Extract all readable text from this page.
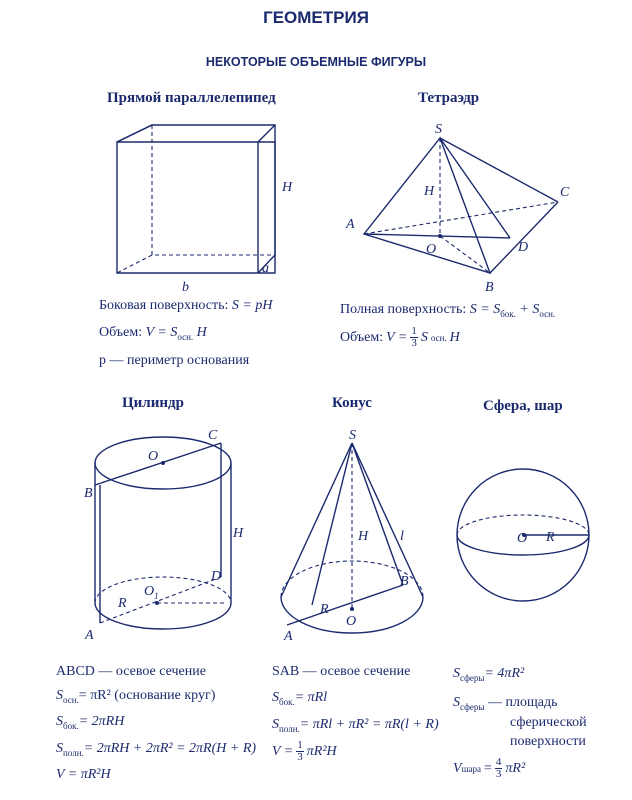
ГЕОМЕТРИЯ
НЕКОТОРЫЕ ОБЪЕМНЫЕ ФИГУРЫ
Прямой параллелепипед
H
a
b
Боковая поверхность: S = pH
Объем: $V = S_{осн.}$ H
p — периметр основания
Тетраэдр
S
A
B
C
D
O
H
Полная поверхность: $S = S_{бок.} + S_{осн.}$
Объем: $V = \frac{1}{3}$ S осн. H
Цилиндр
O
C
B
D
A
H
R
$O_1$
ABCD — осевое сечение
$S_{осн.}= \pi R^2$ (основание круг)
$S_{бок.}= 2\pi RH$
$S_{полн.}= 2\pi RH + 2\pi R^2 = 2\pi R(H + R)$
V = πR²H
Конус
S
H l
B
R
O
A
SAB — осевое сечение
$S_{бок.}= \pi Rl$
$S_{полн.}= \pi Rl + \pi R^2 = \pi R(l + R)$
$V = \frac{1}{3} \pi R^2H$
Сфера, шар
O R
$S_{сферы}= 4\pi R^2$
$S_{сферы}$ — площадь
сферической
поверхности
V шара = $\frac{4}{3} \pi R^2$
